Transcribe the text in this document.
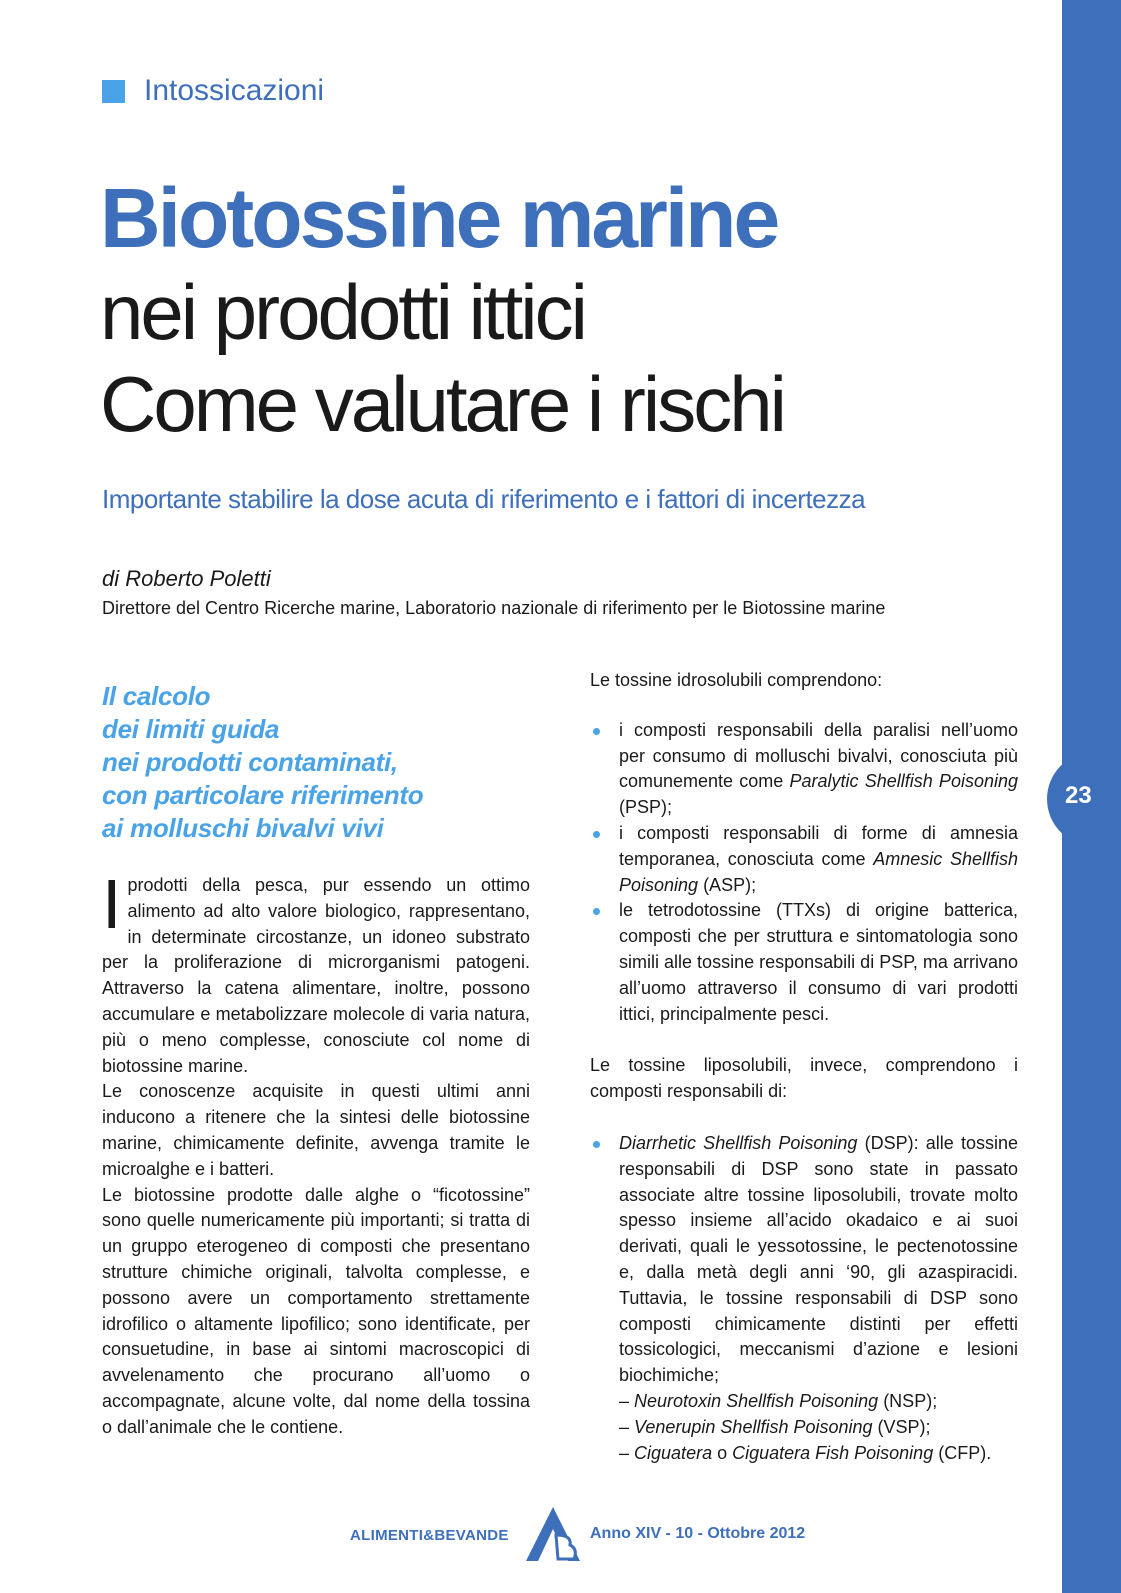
23
Intossicazioni
Biotossine marine
nei prodotti ittici
Come valutare i rischi
Importante stabilire la dose acuta di riferimento e i fattori di incertezza
di Roberto Poletti
Direttore del Centro Ricerche marine, Laboratorio nazionale di riferimento per le Biotossine marine
Il calcolo
dei limiti guida
nei prodotti contaminati,
con particolare riferimento
ai molluschi bivalvi vivi

Iprodotti della pesca, pur essendo un ottimo alimento ad alto valore biologico, rappresentano, in determinate circostanze, un idoneo substrato per la proliferazione di microrganismi patogeni. Attraverso la catena alimentare, inoltre, possono accumulare e metabolizzare molecole di varia natura, più o meno complesse, conosciute col nome di biotossine marine.

Le conoscenze acquisite in questi ultimi anni inducono a ritenere che la sintesi delle biotossine marine, chimicamente definite, avvenga tramite le microalghe e i batteri.

Le biotossine prodotte dalle alghe o “ficotossine” sono quelle numericamente più importanti; si tratta di un gruppo eterogeneo di composti che presentano strutture chimiche originali, talvolta complesse, e possono avere un comportamento strettamente idrofilico o altamente lipofilico; sono identificate, per consuetudine, in base ai sintomi macroscopici di avvelenamento che procurano all’uomo o accompagnate, alcune volte, dal nome della tossina o dall’animale che le contiene.

Le tossine idrosolubili comprendono:

i composti responsabili della paralisi nell’uomo per consumo di molluschi bivalvi, conosciuta più comunemente come Paralytic Shellfish Poisoning (PSP);
i composti responsabili di forme di amnesia temporanea, conosciuta come Amnesic Shellfish Poisoning (ASP);
le tetrodotossine (TTXs) di origine batterica, composti che per struttura e sintomatologia sono simili alle tossine responsabili di PSP, ma arrivano all’uomo attraverso il consumo di vari prodotti ittici, principalmente pesci.

Le tossine liposolubili, invece, comprendono i composti responsabili di:

Diarrhetic Shellfish Poisoning (DSP): alle tossine responsabili di DSP sono state in passato associate altre tossine liposolubili, trovate molto spesso insieme all’acido okadaico e ai suoi derivati, quali le yessotossine, le pectenotossine e, dalla metà degli anni ‘90, gli azaspiracidi. Tuttavia, le tossine responsabili di DSP sono composti chimicamente distinti per effetti tossicologici, meccanismi d’azione e lesioni biochimiche;
– Neurotoxin Shellfish Poisoning (NSP);
– Venerupin Shellfish Poisoning (VSP);
– Ciguatera o Ciguatera Fish Poisoning (CFP).
ALIMENTI&BEVANDE	Anno XIV - 10 - Ottobre 2012
